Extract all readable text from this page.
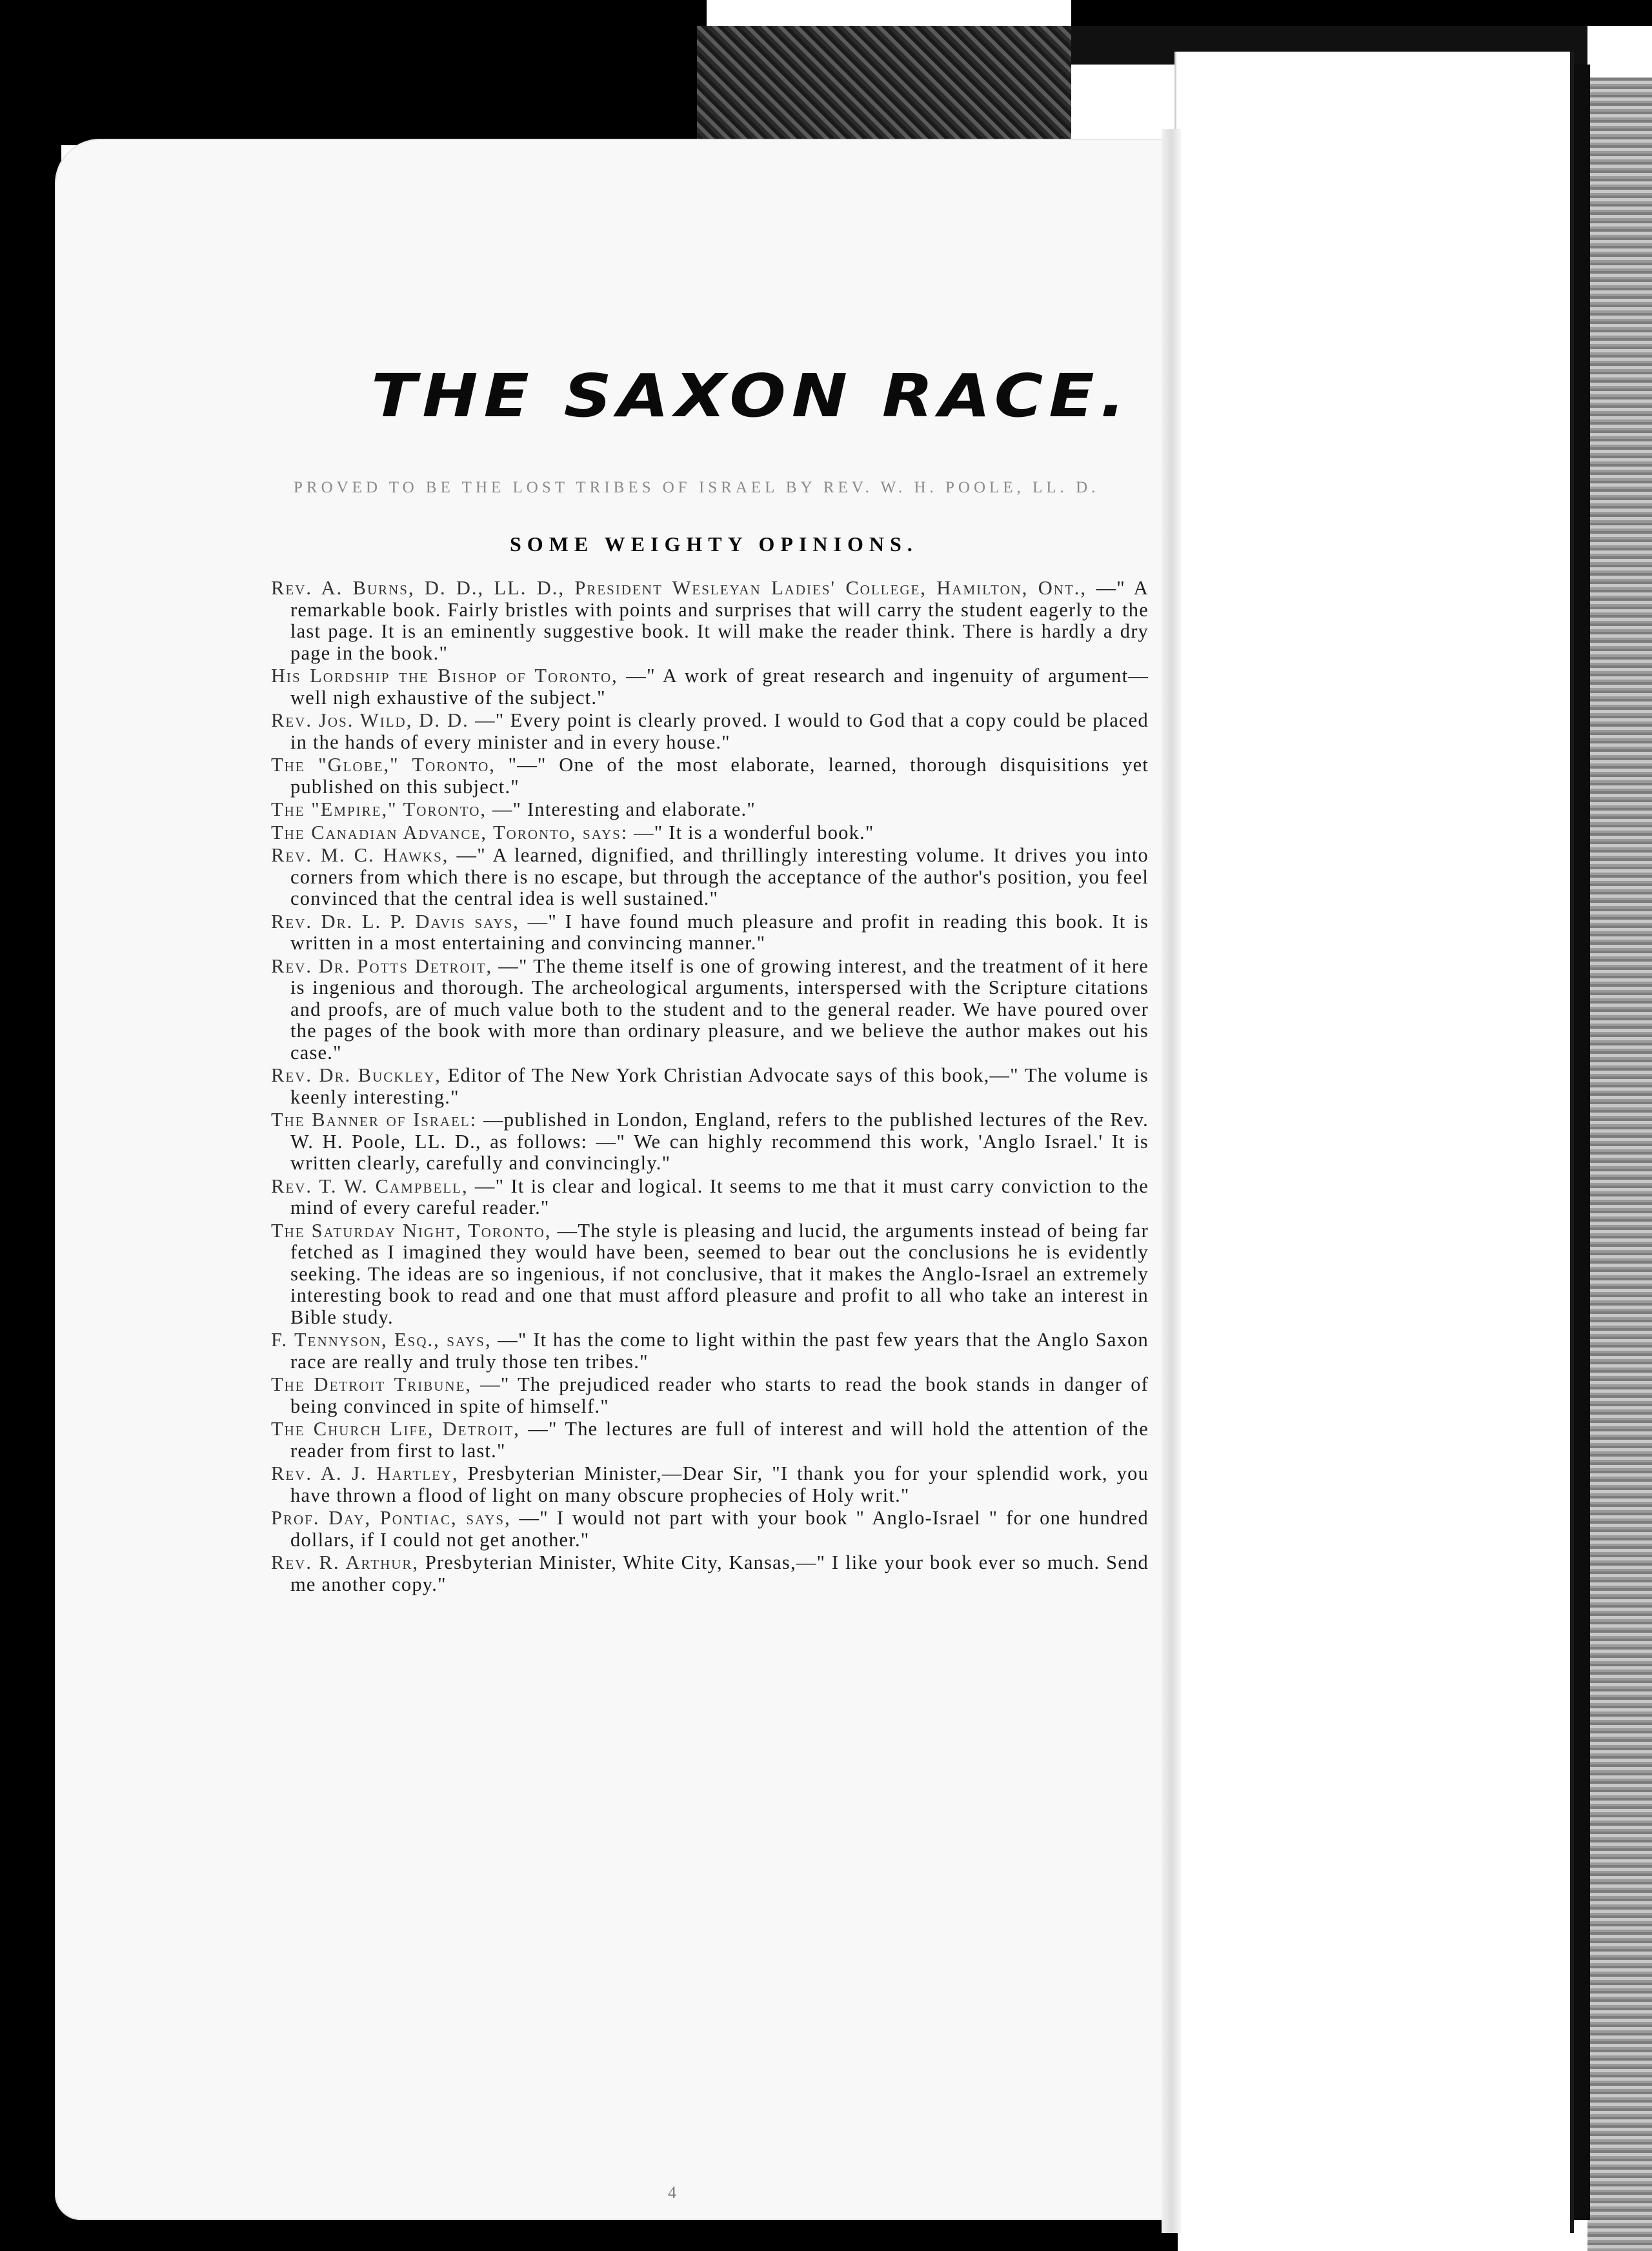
THE SAXON RACE.
PROVED TO BE THE LOST TRIBES OF ISRAEL BY REV. W. H. POOLE, LL. D.
SOME WEIGHTY OPINIONS.

Rev. A. Burns, D. D., LL. D., President Wesleyan Ladies' College, Hamilton, Ont., —" A remarkable book. Fairly bristles with points and surprises that will carry the student eagerly to the last page. It is an eminently suggestive book. It will make the reader think. There is hardly a dry page in the book."

His Lordship the Bishop of Toronto, —" A work of great research and ingenuity of argument—well nigh exhaustive of the subject."

Rev. Jos. Wild, D. D. —" Every point is clearly proved. I would to God that a copy could be placed in the hands of every minister and in every house."

The "Globe," Toronto, "—" One of the most elaborate, learned, thorough disquisitions yet published on this subject."

The "Empire," Toronto, —" Interesting and elaborate."

The Canadian Advance, Toronto, says: —" It is a wonderful book."

Rev. M. C. Hawks, —" A learned, dignified, and thrillingly interesting volume. It drives you into corners from which there is no escape, but through the acceptance of the author's position, you feel convinced that the central idea is well sustained."

Rev. Dr. L. P. Davis says, —" I have found much pleasure and profit in reading this book. It is written in a most entertaining and convincing manner."

Rev. Dr. Potts Detroit, —" The theme itself is one of growing interest, and the treatment of it here is ingenious and thorough. The archeological arguments, interspersed with the Scripture citations and proofs, are of much value both to the student and to the general reader. We have poured over the pages of the book with more than ordinary pleasure, and we believe the author makes out his case."

Rev. Dr. Buckley, Editor of The New York Christian Advocate says of this book,—" The volume is keenly interesting."

The Banner of Israel: —published in London, England, refers to the published lectures of the Rev. W. H. Poole, LL. D., as follows: —" We can highly recommend this work, 'Anglo Israel.' It is written clearly, carefully and convincingly."

Rev. T. W. Campbell, —" It is clear and logical. It seems to me that it must carry conviction to the mind of every careful reader."

The Saturday Night, Toronto, —The style is pleasing and lucid, the arguments instead of being far fetched as I imagined they would have been, seemed to bear out the conclusions he is evidently seeking. The ideas are so ingenious, if not conclusive, that it makes the Anglo-Israel an extremely interesting book to read and one that must afford pleasure and profit to all who take an interest in Bible study.

F. Tennyson, Esq., says, —" It has the come to light within the past few years that the Anglo Saxon race are really and truly those ten tribes."

The Detroit Tribune, —" The prejudiced reader who starts to read the book stands in danger of being convinced in spite of himself."

The Church Life, Detroit, —" The lectures are full of interest and will hold the attention of the reader from first to last."

Rev. A. J. Hartley, Presbyterian Minister,—Dear Sir, "I thank you for your splendid work, you have thrown a flood of light on many obscure prophecies of Holy writ."

Prof. Day, Pontiac, says, —" I would not part with your book " Anglo-Israel " for one hundred dollars, if I could not get another."

Rev. R. Arthur, Presbyterian Minister, White City, Kansas,—" I like your book ever so much. Send me another copy."

4
